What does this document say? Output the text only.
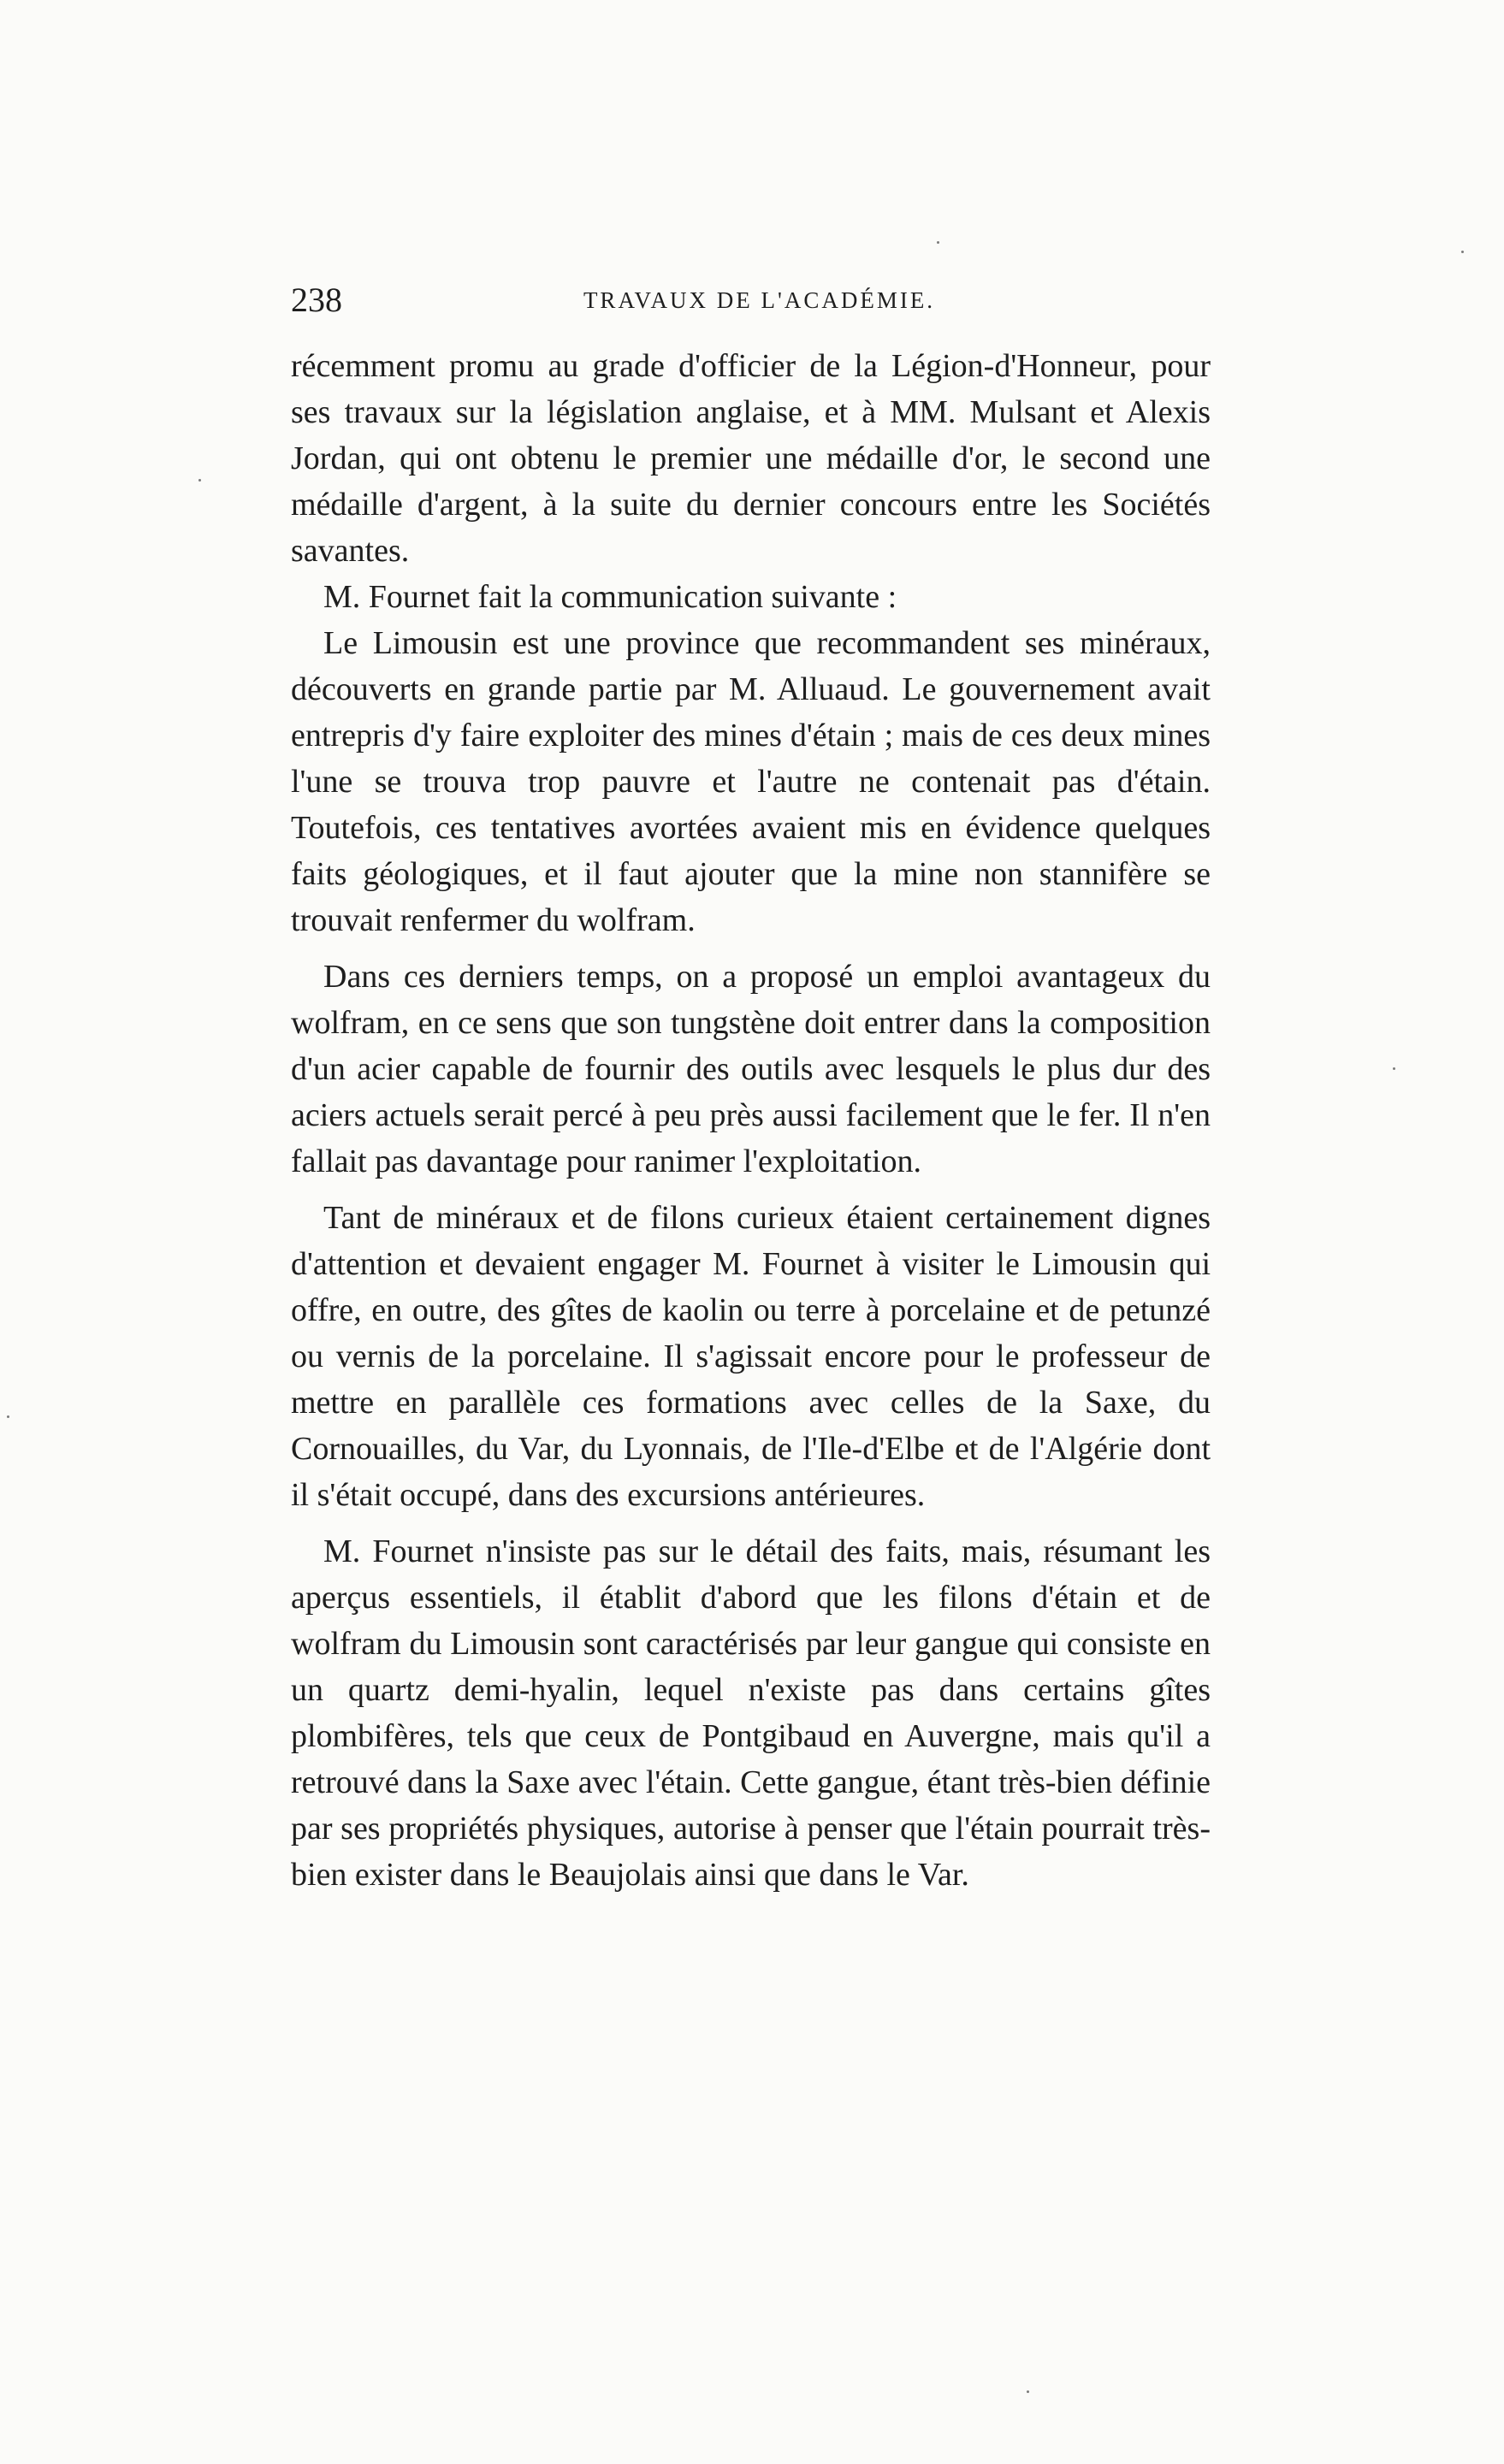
238	TRAVAUX DE L'ACADÉMIE.

récemment promu au grade d'officier de la Légion-d'Honneur, pour ses travaux sur la législation anglaise, et à MM. Mulsant et Alexis Jordan, qui ont obtenu le premier une médaille d'or, le second une médaille d'argent, à la suite du dernier concours entre les Sociétés savantes.

M. Fournet fait la communication suivante :

Le Limousin est une province que recommandent ses minéraux, découverts en grande partie par M. Alluaud. Le gouvernement avait entrepris d'y faire exploiter des mines d'étain ; mais de ces deux mines l'une se trouva trop pauvre et l'autre ne contenait pas d'étain. Toutefois, ces tentatives avortées avaient mis en évidence quelques faits géologiques, et il faut ajouter que la mine non stannifère se trouvait renfermer du wolfram.

Dans ces derniers temps, on a proposé un emploi avantageux du wolfram, en ce sens que son tungstène doit entrer dans la composition d'un acier capable de fournir des outils avec lesquels le plus dur des aciers actuels serait percé à peu près aussi facilement que le fer. Il n'en fallait pas davantage pour ranimer l'exploitation.

Tant de minéraux et de filons curieux étaient certainement dignes d'attention et devaient engager M. Fournet à visiter le Limousin qui offre, en outre, des gîtes de kaolin ou terre à porcelaine et de petunzé ou vernis de la porcelaine. Il s'agissait encore pour le professeur de mettre en parallèle ces formations avec celles de la Saxe, du Cornouailles, du Var, du Lyonnais, de l'Ile-d'Elbe et de l'Algérie dont il s'était occupé, dans des excursions antérieures.

M. Fournet n'insiste pas sur le détail des faits, mais, résumant les aperçus essentiels, il établit d'abord que les filons d'étain et de wolfram du Limousin sont caractérisés par leur gangue qui consiste en un quartz demi-hyalin, lequel n'existe pas dans certains gîtes plombifères, tels que ceux de Pontgibaud en Auvergne, mais qu'il a retrouvé dans la Saxe avec l'étain. Cette gangue, étant très-bien définie par ses propriétés physiques, autorise à penser que l'étain pourrait très-bien exister dans le Beaujolais ainsi que dans le Var.
